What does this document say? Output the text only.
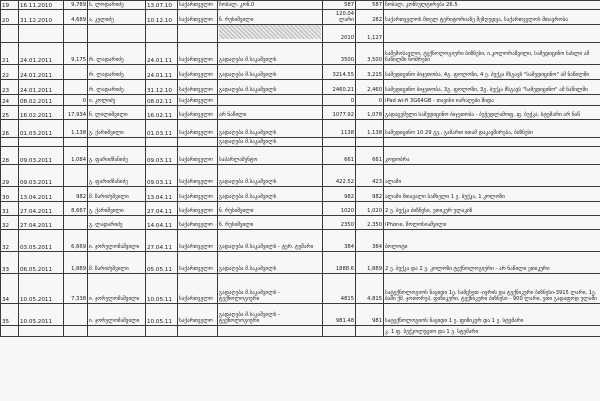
19	16.11.2010	9,789	ს. ლოდარიძე	13.07.10	საქართველო	ჩობალ. კონ.0	587	587	ჩობალ, კონსულტირება 26.5
20	31.12.2010	4,689	ა. კელიძე	10.12.10	საქართველო	ნ. რუსიშვილი	120.04 ლარი	282	საქართველოს მთელ ტერიტორიაზე შეზღუდვა, საქართველოს მთავრობა
							2010	1,127	
21	24.01.2011	9,175	რ. ლადარიძე	24.01.11	საქართველო	გადაღება მ.საკაშვილს	3500	3,500	საშემოსავლო, ტექნოლოგიური ბიზნესი, ი.კოლორაშვილი, სამედიცინო სახლი ამ ნაწილში ნომრები
22	24.01.2011		რ. ლადარიძე	24.01.11	საქართველო	გადაღება მ.საკაშვილს	3214.55	3,215	სამედიცინო ბიჯეთობა, 4გ. ფოლოზი, 4 ე. ბუქკა მსგავს "სამედიცინო" ამ ნაწილში
23	24.01.2011		რ. ლადარიძე	31.12.10	საქართველო	გადაღება მ.საკაშვილს	2460.21	2,460	სამედიცინო ბიჯეთობა, 3გ. ფოლოზი, 3გ. ბუქკა მსგავს "სამედიცინო" ამ ნაწილში
24	08.02.2011	0	ი. კოლიძე	08.02.11	საქართველო		0	0	iPad wi-fi 3G64GB - თავისი იარაღები შიდა
25	16.02.2011	17,934	ნ. ლილიშვილი	16.02.11	საქართველო	არ ნაწილი	1077.92	1,078	გადაცემული სამედიცინო ბიჯეთობა - ბეჭედლამოფ, ფ. ბუქკა, სტუმარი არ ნაწ
26	01.03.2011	1,138	გ. ქარიშვილი	01.03.11	საქართველო	გადაღება მ.საკაშვილს	1138	1,138	სამედიცინო 10.29 გვ., გამართ ითამ დაკავშირება, ბიზნესი
						გადაღება მ.საკაშვილს			
28	09.03.2011	1,084	გ. ფარიძმანიძე	09.03.11	საქართველო	საპარლამენტო	661	661	კოდობრა
29	09.03.2011		გ. ფარიძმანიძე	09.03.11	საქართველო	გადაღება მ.საკაშვილს	422.52	423	ალამი
30	13.04.2011	982	მ. ზარიძეშვილი	13.04.11	საქართველო	გადაღება მ.საკაშვილს	982	982	ალამი მთავალი სამხელი 1 ე. ბუქკა, 1 კოლოზი
31	27.04.2011	8,667	გ. ქარიშვილი	27.04.11	საქართველო	ნ. რუსიშვილი	1020	1,020	2 ე. ბუქკა ბიზნესი, ეთიკურ ულაკიზ
32	27.04.2011		გ. ლადარიძე	14.04.11	საქართველო	ნ. რუსიშვილი	2350	2,350	iPhone, შოლოსიაშვილი
32	03.05.2011	6,669	ი. ჯორელომაშვილი	27.04.11	საქართველო	გადაღება მ.საკაშვილს - ტერ. ტუშარი	384	384	ბოლოტი
33	06.05.2011	1,889	მ. ზარიძეშვილი	05.05.11	საქართველო	გადაღება მ.საკაშვილს	1888.6	1,889	2 ე. ბუქკა და 2 ე. კოლოზი ტექნოლოგიური - არ ნაწილი ეთიკური
34	10.05.2011	7,338	ი. ჯორელომაშვილი	10.05.11	საქართველო	გადაღება მ.საკაშვილს - ტექნოლოგიური	4815	4,815	სატექნოლოგიოს ნაყიდი 1ე. სამცხეთ -ივრის და ტექნიკური ბიზნესი-3915 ლარი, 1ე. ბაში ქმ. ჯოთორეპ, ფიზიკური, ტექნიკური ბიზნესი - 900 ლარი, ეთი გადაფოდ ულამი
35	10.05.2011		ი. ჯორელომაშვილი	10.05.11	საქართველო	გადაღება მ.საკაშვილს - ტექნოლოგიური	981.48	981	სატექნოლოგიოს ნაყიდი 1 ე. ფიზიკურ და 1 ე. სტუმარი
									კ. 1 ფ. ბუქკოლუციო და 1 ე. სტუმარი
